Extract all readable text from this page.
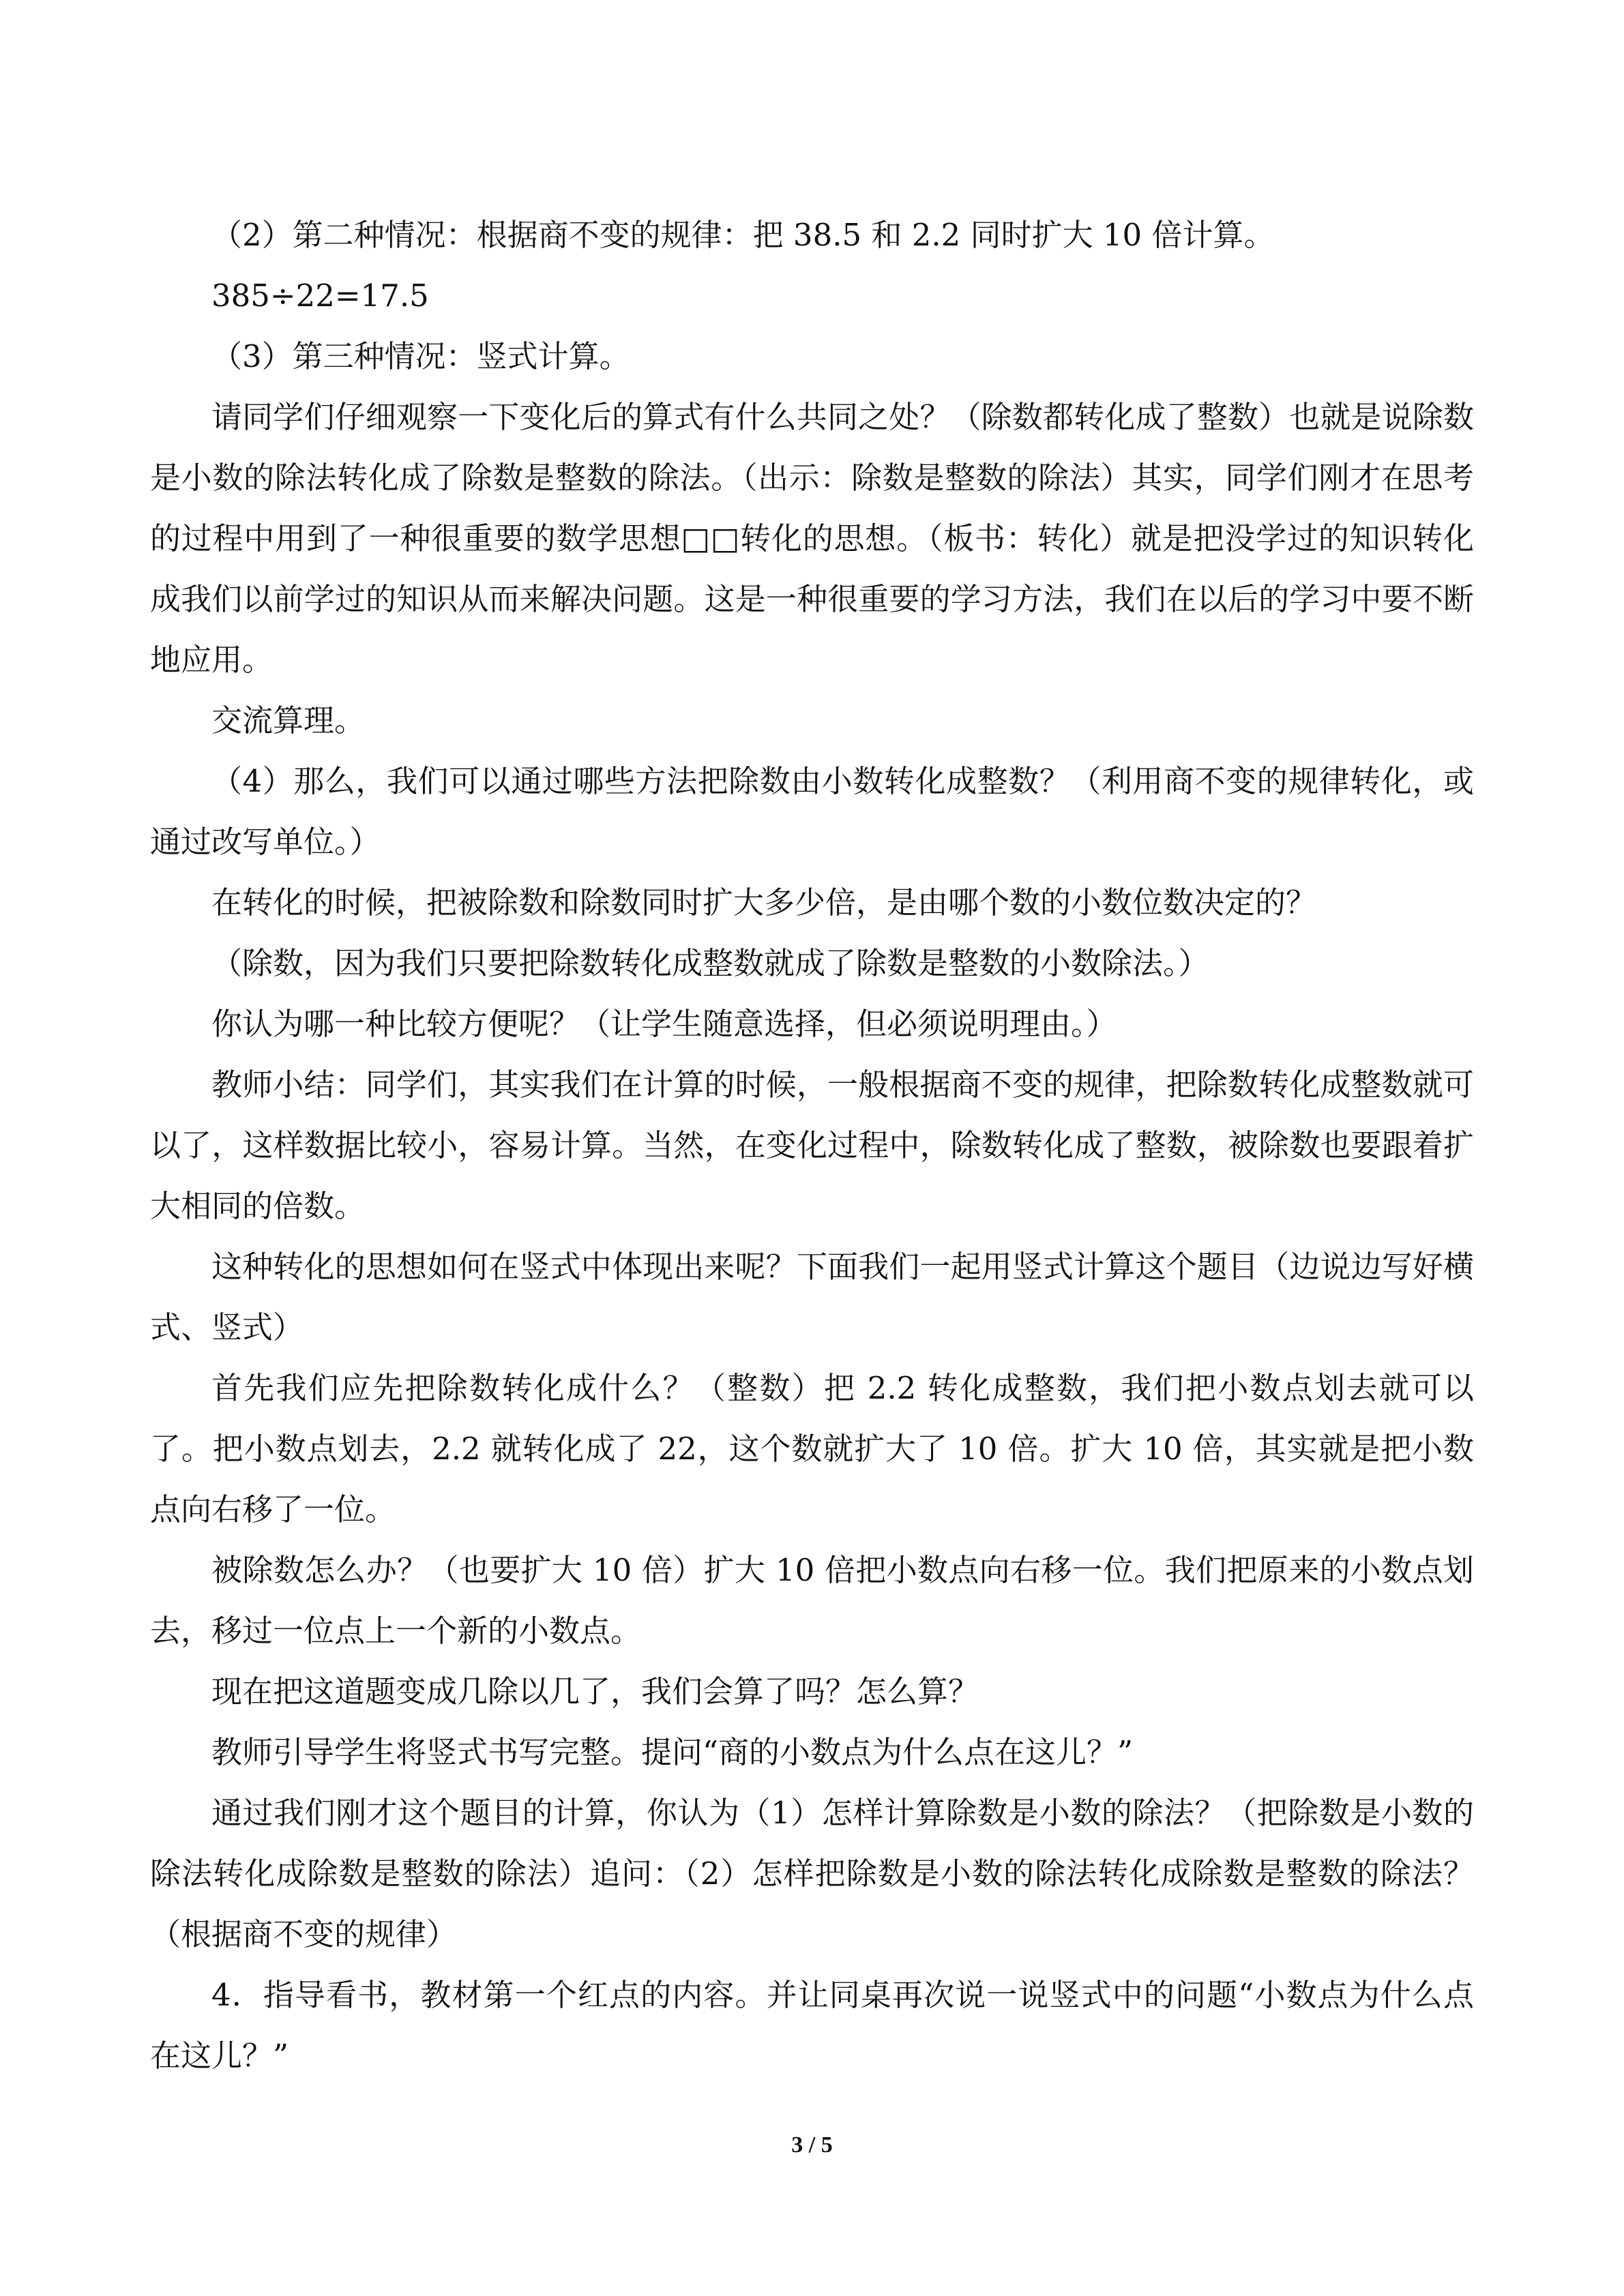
（2）第二种情况：根据商不变的规律：把 38.5 和 2.2 同时扩大 10 倍计算。

385÷22=17.5

（3）第三种情况：竖式计算。

请同学们仔细观察一下变化后的算式有什么共同之处？（除数都转化成了整数）也就是说除数是小数的除法转化成了除数是整数的除法。（出示：除数是整数的除法）其实，同学们刚才在思考的过程中用到了一种很重要的数学思想□□转化的思想。（板书：转化）就是把没学过的知识转化成我们以前学过的知识从而来解决问题。这是一种很重要的学习方法，我们在以后的学习中要不断地应用。

交流算理。

（4）那么，我们可以通过哪些方法把除数由小数转化成整数？（利用商不变的规律转化，或通过改写单位。）

在转化的时候，把被除数和除数同时扩大多少倍，是由哪个数的小数位数决定的？

（除数，因为我们只要把除数转化成整数就成了除数是整数的小数除法。）

你认为哪一种比较方便呢？（让学生随意选择，但必须说明理由。）

教师小结：同学们，其实我们在计算的时候，一般根据商不变的规律，把除数转化成整数就可以了，这样数据比较小，容易计算。当然，在变化过程中，除数转化成了整数，被除数也要跟着扩大相同的倍数。

这种转化的思想如何在竖式中体现出来呢？下面我们一起用竖式计算这个题目（边说边写好横式、竖式）

首先我们应先把除数转化成什么？（整数）把 2.2 转化成整数，我们把小数点划去就可以了。把小数点划去，2.2 就转化成了 22，这个数就扩大了 10 倍。扩大 10 倍，其实就是把小数点向右移了一位。

被除数怎么办？（也要扩大 10 倍）扩大 10 倍把小数点向右移一位。我们把原来的小数点划去，移过一位点上一个新的小数点。

现在把这道题变成几除以几了，我们会算了吗？怎么算？

教师引导学生将竖式书写完整。提问“商的小数点为什么点在这儿？”

通过我们刚才这个题目的计算，你认为（1）怎样计算除数是小数的除法？（把除数是小数的除法转化成除数是整数的除法）追问：（2）怎样把除数是小数的除法转化成除数是整数的除法？（根据商不变的规律）

4．指导看书，教材第一个红点的内容。并让同桌再次说一说竖式中的问题“小数点为什么点在这儿？”

3 / 5
